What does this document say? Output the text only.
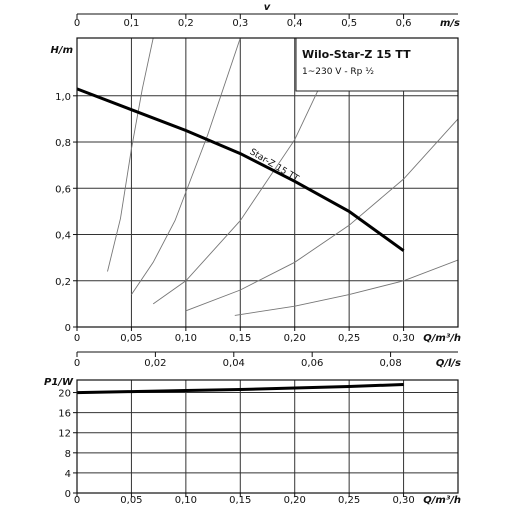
0	0,05	0,10	0,15	0,20	0,25	0,30 Q/m³/h
0
0,2
0,4
0,6
0,8
1,0
H/m
0	0,1	0,2	0,3	0,4	0,5	0,6
v
m/s
0	0,02	0,04	0,06	0,08	Q/l/s
Wilo-Star-Z 15 TT
1~230 V - Rp ½
Star-Z 15 TT
0	0,05	0,10	0,15	0,20	0,25	0,30 Q/m³/h
0
4
8
12
16
20
P1/W
